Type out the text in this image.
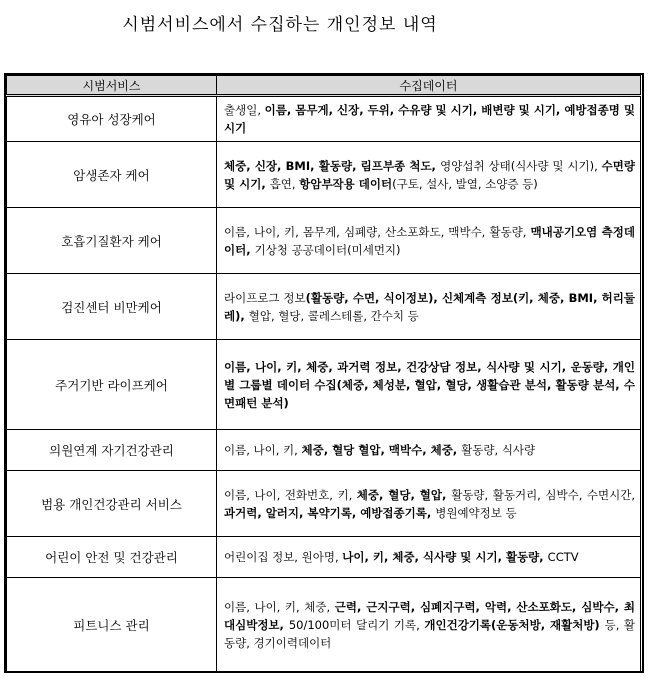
시범서비스에서 수집하는 개인정보 내역
시범서비스	수집데이터
영유아 성장케어	출생일, 이름, 몸무게, 신장, 두위, 수유량 및 시기, 배변량 및 시기, 예방접종명 및 시기
암생존자 케어	체중, 신장, BMI, 활동량, 림프부종 척도, 영양섭취 상태(식사량 및 시기), 수면량 및 시기, 흡연, 항암부작용 데이터(구토, 설사, 발열, 소양증 등)
호흡기질환자 케어	이름, 나이, 키, 몸무게, 심폐량, 산소포화도, 맥박수, 활동량, 맥내공기오염 측정데이터, 기상청 공공데이터(미세먼지)
검진센터 비만케어	라이프로그 정보(활동량, 수면, 식이정보), 신체계측 정보(키, 체중, BMI, 허리둘레), 혈압, 혈당, 콜레스테롤, 간수치 등
주거기반 라이프케어	이름, 나이, 키, 체중, 과거력 정보, 건강상담 정보, 식사량 및 시기, 운동량, 개인별 그룹별 데이터 수집(체중, 체성분, 혈압, 혈당, 생활습관 분석, 활동량 분석, 수면패턴 분석)
의원연계 자기건강관리	이름, 나이, 키, 체중, 혈당 혈압, 맥박수, 체중, 활동량, 식사량
범용 개인건강관리 서비스	이름, 나이, 전화번호, 키, 체중, 혈당, 혈압, 활동량, 활동거리, 심박수, 수면시간, 과거력, 알러지, 복약기록, 예방접종기록, 병원예약정보 등
어린이 안전 및 건강관리	어린이집 정보, 원아명, 나이, 키, 체중, 식사량 및 시기, 활동량, CCTV
피트니스 관리	이름, 나이, 키, 체중, 근력, 근지구력, 심폐지구력, 악력, 산소포화도, 심박수, 최대심박정보, 50/100미터 달리기 기록, 개인건강기록(운동처방, 재활처방) 등, 활동량, 경기이력데이터
